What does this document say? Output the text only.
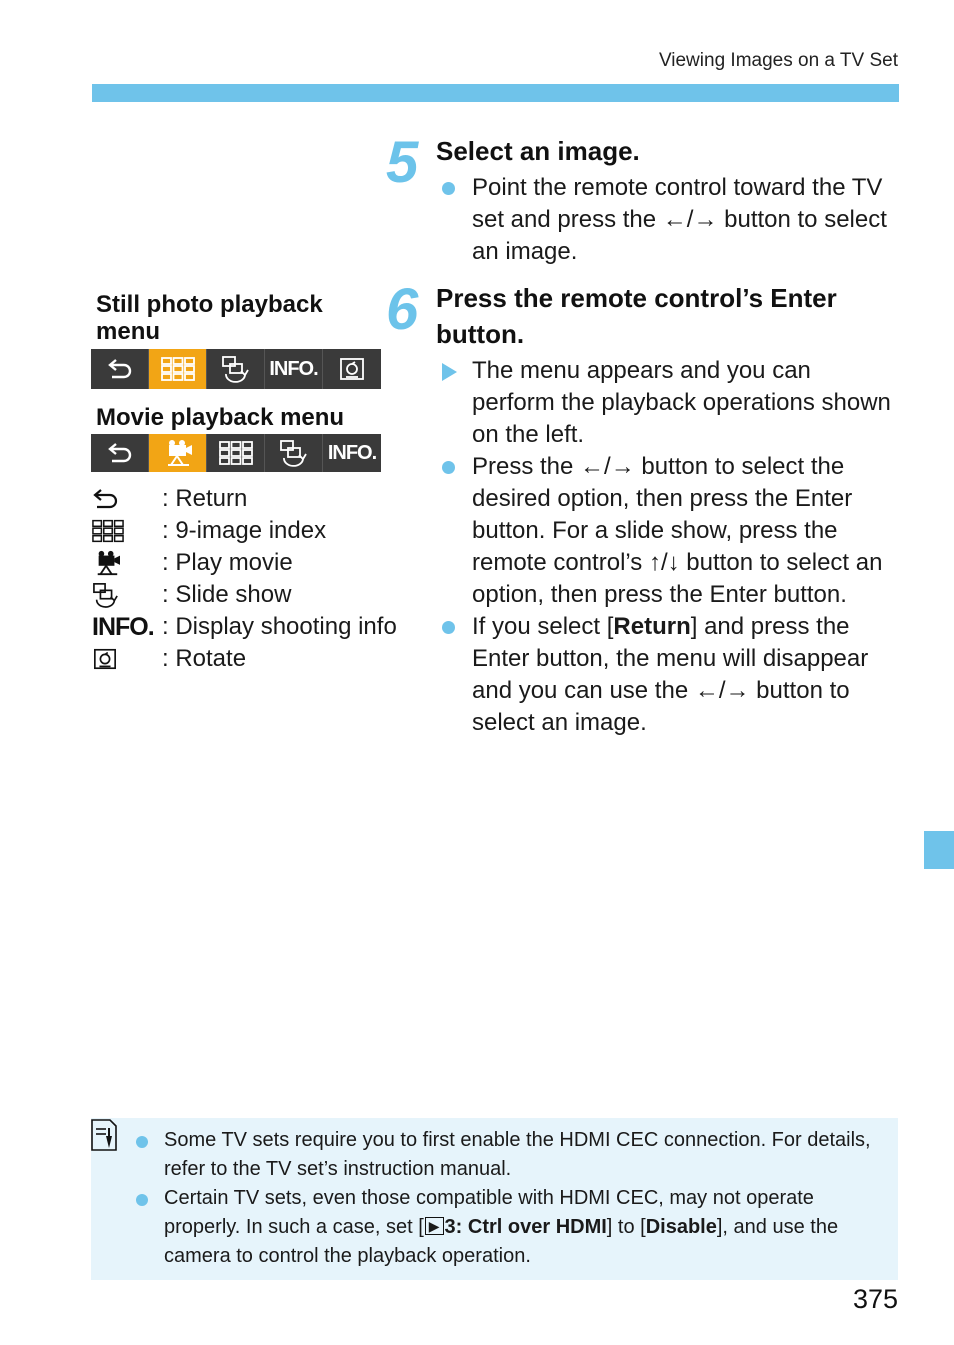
Viewing Images on a TV Set
5 Select an image.
Point the remote control toward the TV set and press the ←/→ button to select an image.
6 Press the remote control’s Enter button.
The menu appears and you can perform the playback operations shown on the left.
Press the ←/→ button to select the desired option, then press the Enter button. For a slide show, press the remote control’s ↑/↓ button to select an option, then press the Enter button.
If you select [Return] and press the Enter button, the menu will disappear and you can use the ←/→ button to select an image.
Still photo playback menu
INFO.
Movie playback menu
INFO.
: Return
: 9-image index
: Play movie
: Slide show
INFO. : Display shooting info
: Rotate
Some TV sets require you to first enable the HDMI CEC connection. For details, refer to the TV set’s instruction manual.
Certain TV sets, even those compatible with HDMI CEC, may not operate properly. In such a case, set [ ▶ 3: Ctrl over HDMI] to [Disable], and use the camera to control the playback operation.
375
